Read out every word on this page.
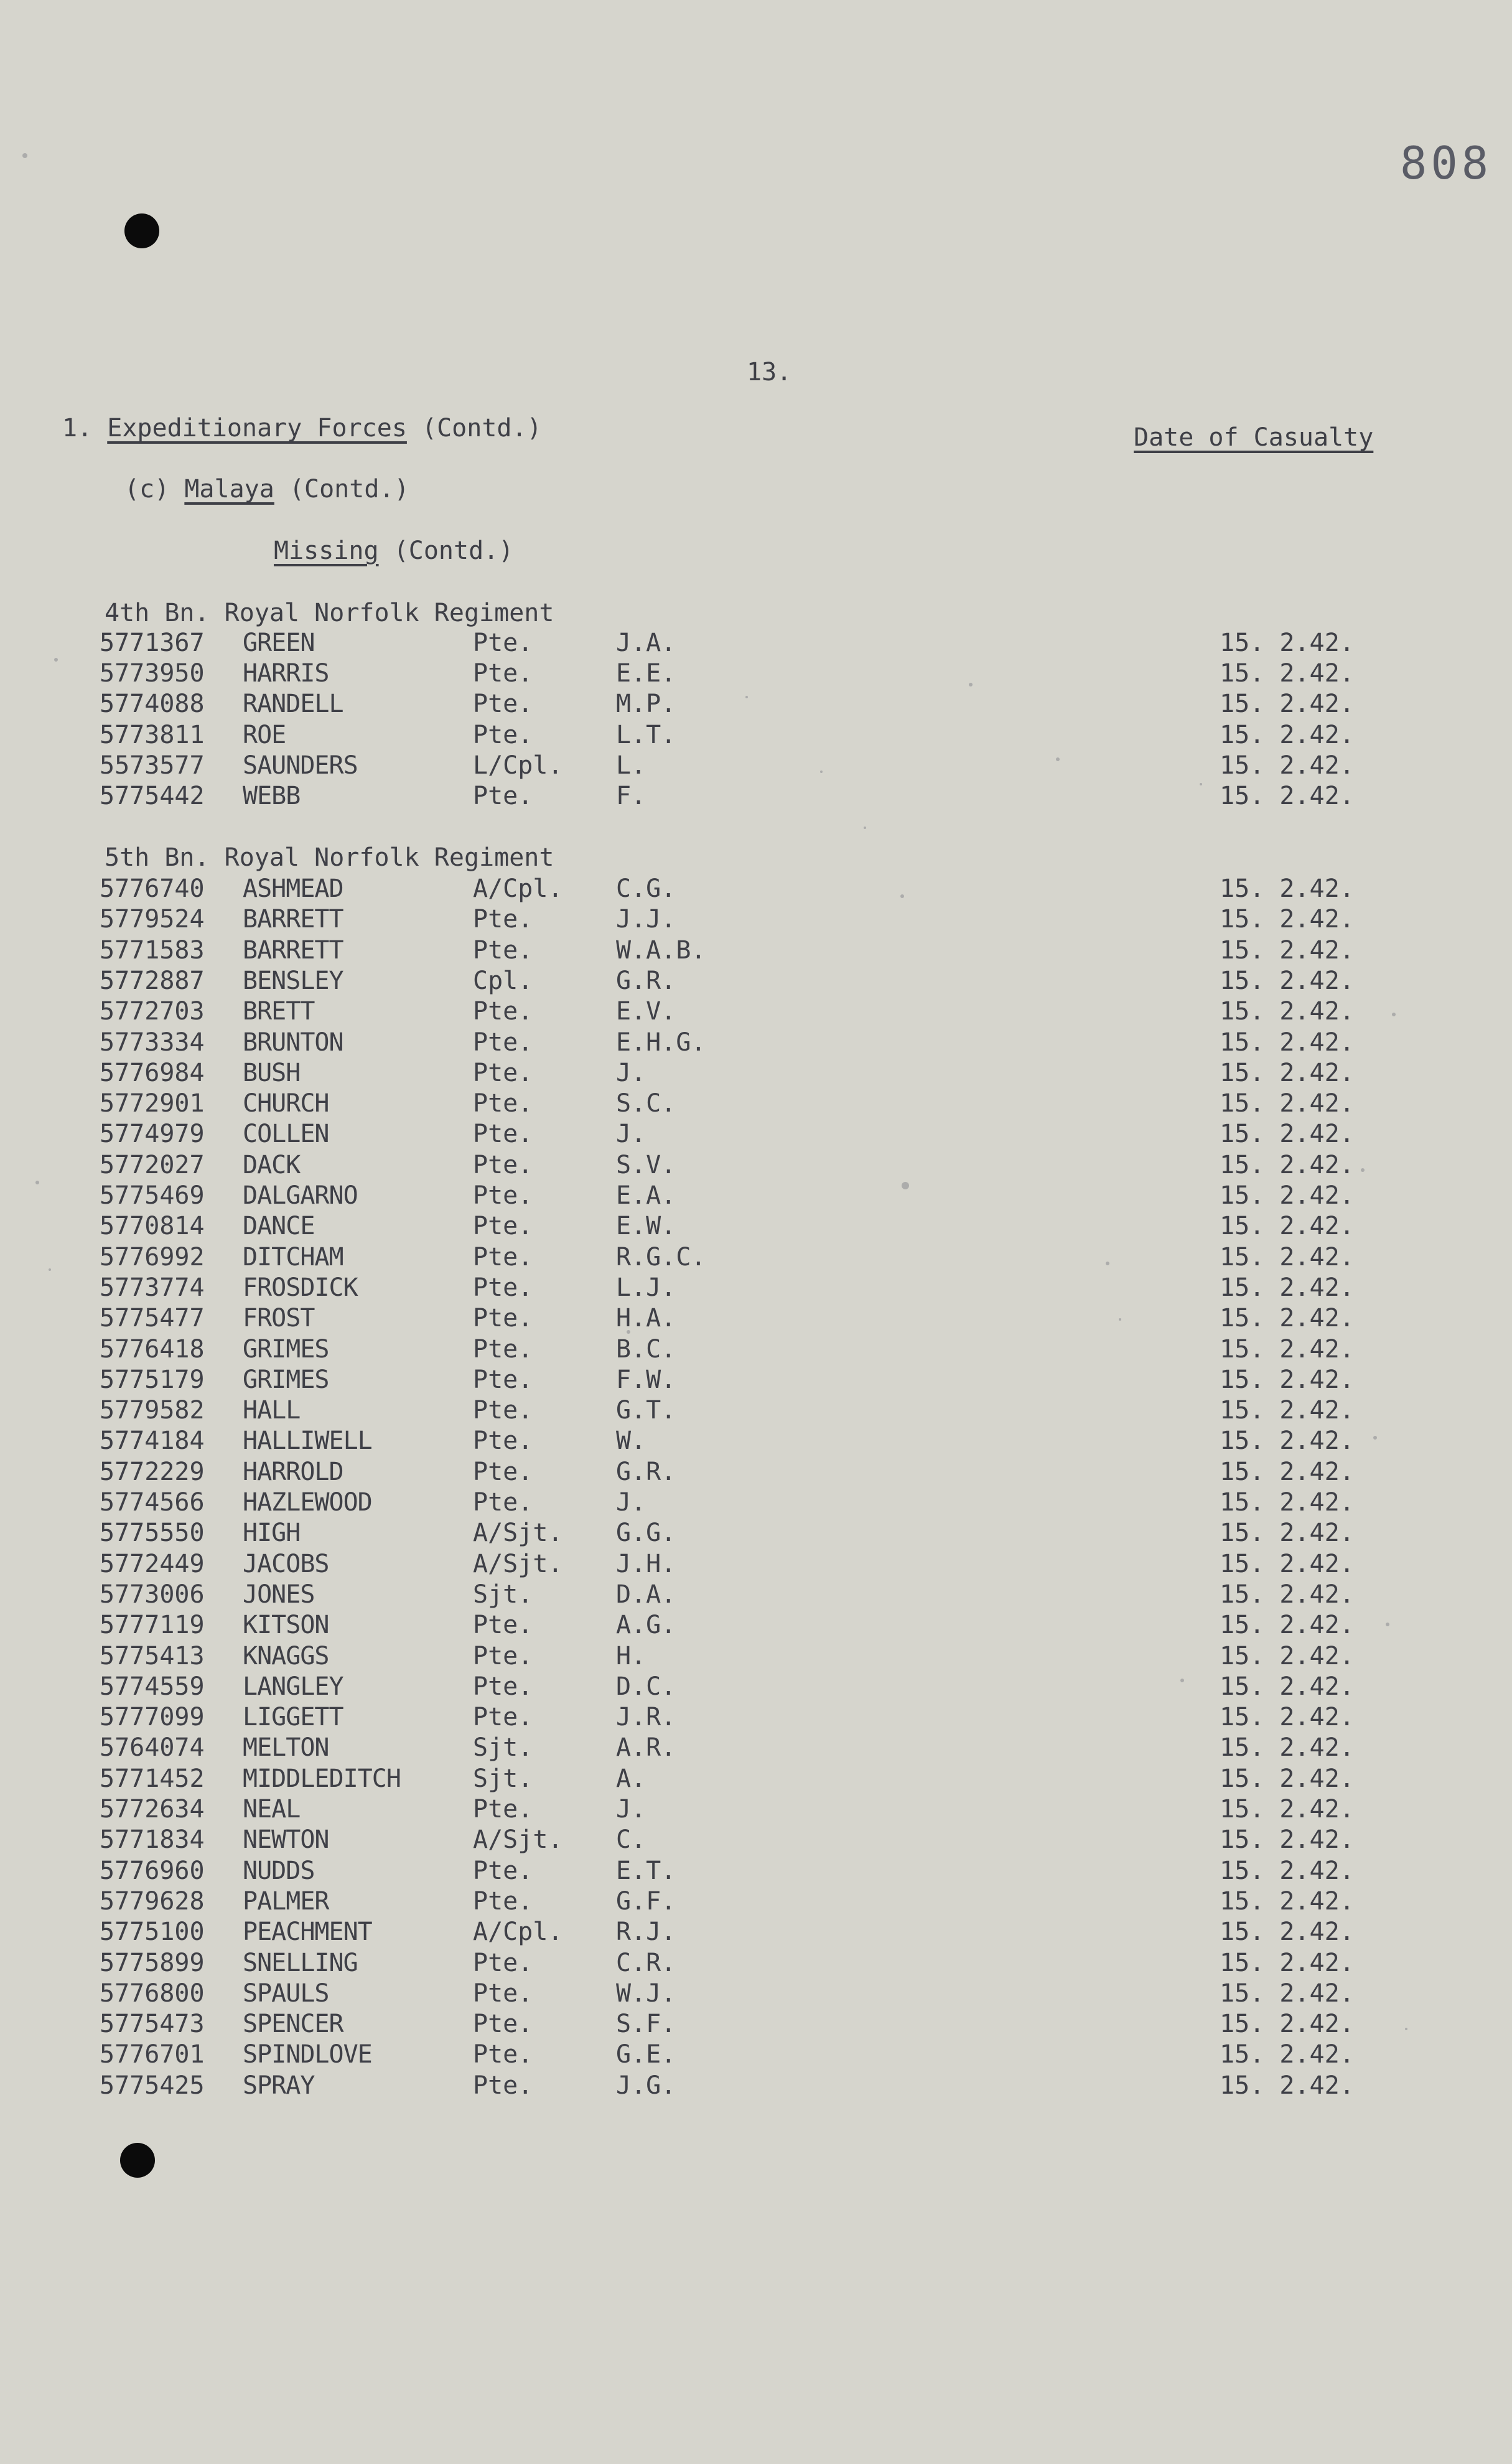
808
13.
1. Expeditionary Forces (Contd.)	Date of Casualty
(c) Malaya (Contd.)
Missing (Contd.)
4th Bn. Royal Norfolk Regiment
5th Bn. Royal Norfolk Regiment
5771367 GREEN	Pte.	J.A.	15. 2.42.
5773950 HARRIS	Pte.	E.E.	15. 2.42.
5774088 RANDELL	Pte.	M.P.	15. 2.42.
5773811 ROE	Pte.	L.T.	15. 2.42.
5573577 SAUNDERS	L/Cpl. L.	15. 2.42.
5775442 WEBB	Pte.	F.	15. 2.42.
5776740 ASHMEAD	A/Cpl. C.G.	15. 2.42.
5779524 BARRETT	Pte.	J.J.	15. 2.42.
5771583 BARRETT	Pte.	W.A.B.	15. 2.42.
5772887 BENSLEY	Cpl.	G.R.	15. 2.42.
5772703 BRETT	Pte.	E.V.	15. 2.42.
5773334 BRUNTON	Pte.	E.H.G.	15. 2.42.
5776984 BUSH	Pte.	J.	15. 2.42.
5772901 CHURCH	Pte.	S.C.	15. 2.42.
5774979 COLLEN	Pte.	J.	15. 2.42.
5772027 DACK	Pte.	S.V.	15. 2.42.
5775469 DALGARNO	Pte.	E.A.	15. 2.42.
5770814 DANCE	Pte.	E.W.	15. 2.42.
5776992 DITCHAM	Pte.	R.G.C.	15. 2.42.
5773774 FROSDICK	Pte.	L.J.	15. 2.42.
5775477 FROST	Pte.	H.A.	15. 2.42.
5776418 GRIMES	Pte.	B.C.	15. 2.42.
5775179 GRIMES	Pte.	F.W.	15. 2.42.
5779582 HALL	Pte.	G.T.	15. 2.42.
5774184 HALLIWELL	Pte.	W.	15. 2.42.
5772229 HARROLD	Pte.	G.R.	15. 2.42.
5774566 HAZLEWOOD	Pte.	J.	15. 2.42.
5775550 HIGH	A/Sjt. G.G.	15. 2.42.
5772449 JACOBS	A/Sjt. J.H.	15. 2.42.
5773006 JONES	Sjt.	D.A.	15. 2.42.
5777119 KITSON	Pte.	A.G.	15. 2.42.
5775413 KNAGGS	Pte.	H.	15. 2.42.
5774559 LANGLEY	Pte.	D.C.	15. 2.42.
5777099 LIGGETT	Pte.	J.R.	15. 2.42.
5764074 MELTON	Sjt.	A.R.	15. 2.42.
5771452 MIDDLEDITCH	Sjt.	A.	15. 2.42.
5772634 NEAL	Pte.	J.	15. 2.42.
5771834 NEWTON	A/Sjt. C.	15. 2.42.
5776960 NUDDS	Pte.	E.T.	15. 2.42.
5779628 PALMER	Pte.	G.F.	15. 2.42.
5775100 PEACHMENT	A/Cpl. R.J.	15. 2.42.
5775899 SNELLING	Pte.	C.R.	15. 2.42.
5776800 SPAULS	Pte.	W.J.	15. 2.42.
5775473 SPENCER	Pte.	S.F.	15. 2.42.
5776701 SPINDLOVE	Pte.	G.E.	15. 2.42.
5775425 SPRAY	Pte.	J.G.	15. 2.42.
